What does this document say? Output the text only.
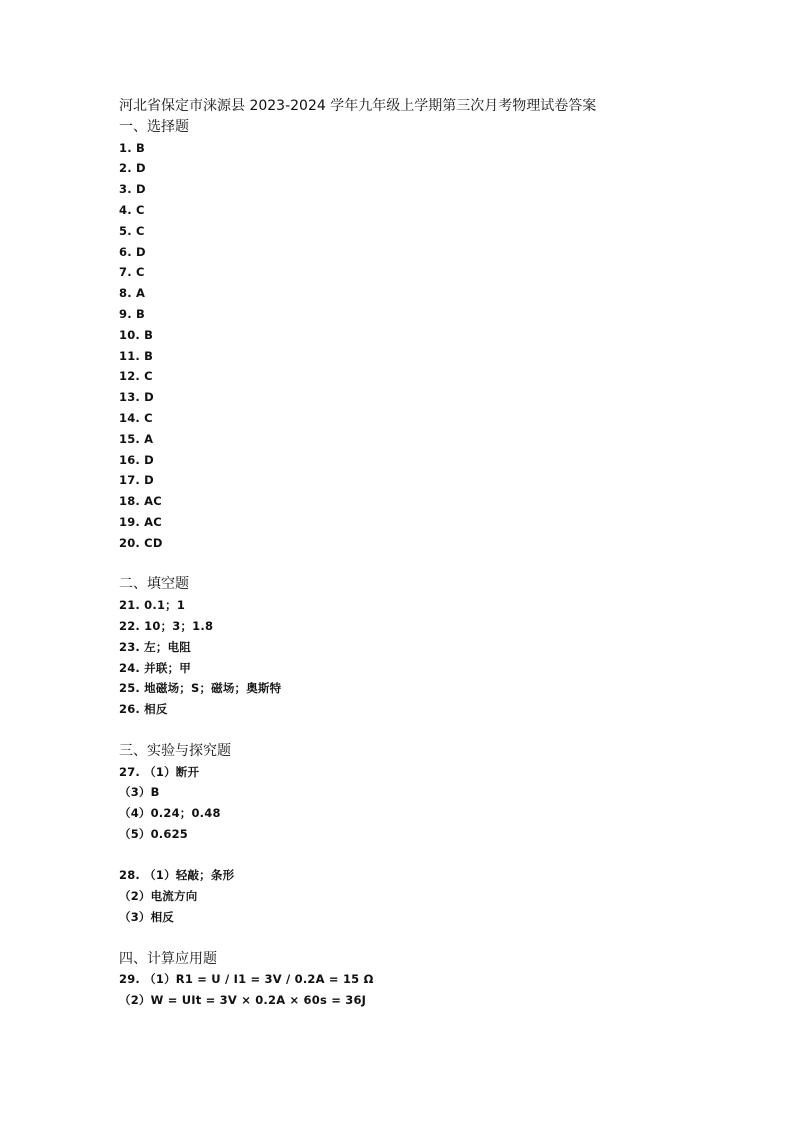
河北省保定市涞源县 2023-2024 学年九年级上学期第三次月考物理试卷答案
一、选择题
1. B
2. D
3. D
4. C
5. C
6. D
7. C
8. A
9. B
10. B
11. B
12. C
13. D
14. C
15. A
16. D
17. D
18. AC
19. AC
20. CD
二、填空题
21. 0.1；1
22. 10；3；1.8
23. 左；电阻
24. 并联；甲
25. 地磁场；S；磁场；奥斯特
26. 相反
三、实验与探究题
27. （1）断开
（3）B
（4）0.24；0.48
（5）0.625
28. （1）轻敲；条形
（2）电流方向
（3）相反
四、计算应用题
29. （1）R1 = U / I1 = 3V / 0.2A = 15 Ω
（2）W = UIt = 3V × 0.2A × 60s = 36J
